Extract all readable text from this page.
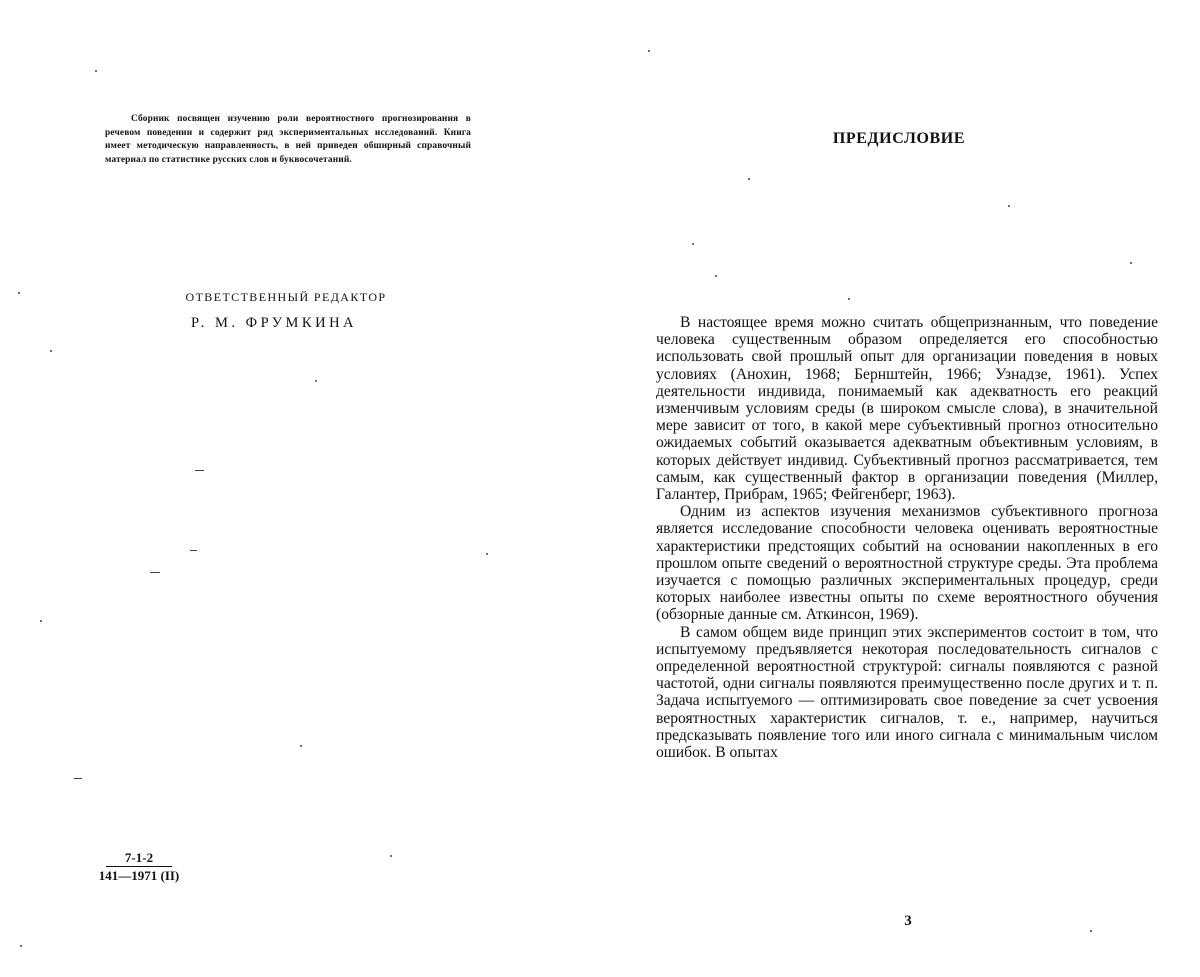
Сборник посвящен изучению роли вероятностного прогнозирования в речевом поведении и содержит ряд экспериментальных исследований. Книга имеет методическую направленность, в ней приведен обширный справочный материал по статистике русских слов и буквосочетаний.

ОТВЕТСТВЕННЫЙ РЕДАКТОР
Р. М. ФРУМКИНА
$\frac{7-1-2}{141—1971 (II)}$
ПРЕДИСЛОВИЕ

В настоящее время можно считать общепризнанным, что поведение человека существенным образом определяется его способностью использовать свой прошлый опыт для организации поведения в новых условиях (Анохин, 1968; Бернштейн, 1966; Узнадзе, 1961). Успех деятельности индивида, понимаемый как адекватность его реакций изменчивым условиям среды (в широком смысле слова), в значительной мере зависит от того, в какой мере субъективный прогноз относительно ожидаемых событий оказывается адекватным объективным условиям, в которых действует индивид. Субъективный прогноз рассматривается, тем самым, как существенный фактор в организации поведения (Миллер, Галантер, Прибрам, 1965; Фейгенберг, 1963).

Одним из аспектов изучения механизмов субъективного прогноза является исследование способности человека оценивать вероятностные характеристики предстоящих событий на основании накопленных в его прошлом опыте сведений о вероятностной структуре среды. Эта проблема изучается с помощью различных экспериментальных процедур, среди которых наиболее известны опыты по схеме вероятностного обучения (обзорные данные см. Аткинсон, 1969).

В самом общем виде принцип этих экспериментов состоит в том, что испытуемому предъявляется некоторая последовательность сигналов с определенной вероятностной структурой: сигналы появляются с разной частотой, одни сигналы появляются преимущественно после других и т. п. Задача испытуемого — оптимизировать свое поведение за счет усвоения вероятностных характеристик сигналов, т. е., например, научиться предсказывать появление того или иного сигнала с минимальным числом ошибок. В опытах

3
